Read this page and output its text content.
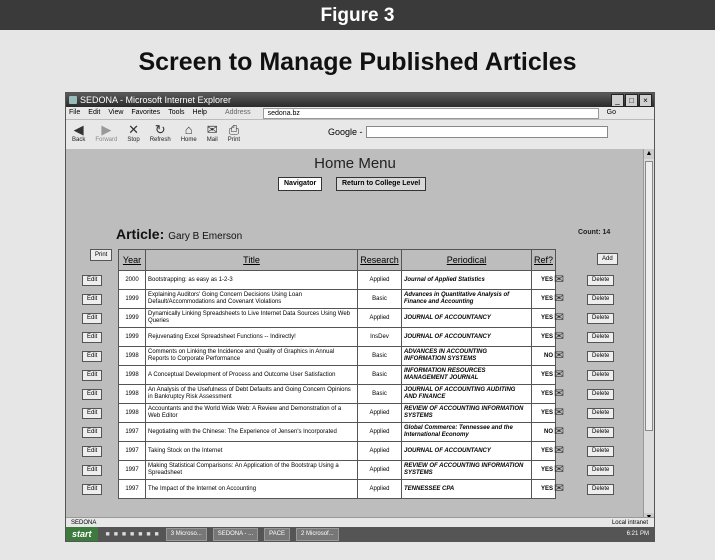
Figure 3
Screen to Manage Published Articles
SEDONA - Microsoft Internet Explorer	_	□	×
File Edit View Favorites Tools Help	Address	sedona.bz	Go
◀
Back
▶
Forward
✕
Stop
↻
Refresh
⌂
Home
✉
Mail
⎙
Print
Google -
Home Menu
Navigator	Return to College Level
Article: Gary B Emerson	Count: 14
Print
Add
Year	Title	Research	Periodical	Ref?
2000	Bootstrapping: as easy as 1-2-3	Applied	Journal of Applied Statistics	YES
1999	Explaining Auditors' Going Concern Decisions Using Loan Default/Accommodations and Covenant Violations	Basic	Advances in Quantitative Analysis of Finance and Accounting	YES
1999	Dynamically Linking Spreadsheets to Live Internet Data Sources Using Web Queries	Applied	JOURNAL OF ACCOUNTANCY	YES
1999	Rejuvenating Excel Spreadsheet Functions -- Indirectly!	InsDev	JOURNAL OF ACCOUNTANCY	YES
1998	Comments on Linking the Incidence and Quality of Graphics in Annual Reports to Corporate Performance	Basic	ADVANCES IN ACCOUNTING INFORMATION SYSTEMS	NO
1998	A Conceptual Development of Process and Outcome User Satisfaction	Basic	INFORMATION RESOURCES MANAGEMENT JOURNAL	YES
1998	An Analysis of the Usefulness of Debt Defaults and Going Concern Opinions in Bankruptcy Risk Assessment	Basic	JOURNAL OF ACCOUNTING AUDITING AND FINANCE	YES
1998	Accountants and the World Wide Web: A Review and Demonstration of a Web Editor	Applied	REVIEW OF ACCOUNTING INFORMATION SYSTEMS	YES
1997	Negotiating with the Chinese: The Experience of Jensen's Incorporated	Applied	Global Commerce: Tennessee and the International Economy	NO
1997	Taking Stock on the Internet	Applied	JOURNAL OF ACCOUNTANCY	YES
1997	Making Statistical Comparisons: An Application of the Bootstrap Using a Spreadsheet	Applied	REVIEW OF ACCOUNTING INFORMATION SYSTEMS	YES
1997	The Impact of the Internet on Accounting	Applied	TENNESSEE CPA	YES
Edit	✉	Delete
Edit	✉	Delete
Edit	✉	Delete
Edit	✉	Delete
Edit	✉	Delete
Edit	✉	Delete
Edit	✉	Delete
Edit	✉	Delete
Edit	✉	Delete
Edit	✉	Delete
Edit	✉	Delete
Edit	✉	Delete
▲
SEDONA	Local intranet
start	■ ■ ■ ■ ■ ■ ■	3 Microso...	SEDONA - ...	PACE	2 Microsof...	6:21 PM
